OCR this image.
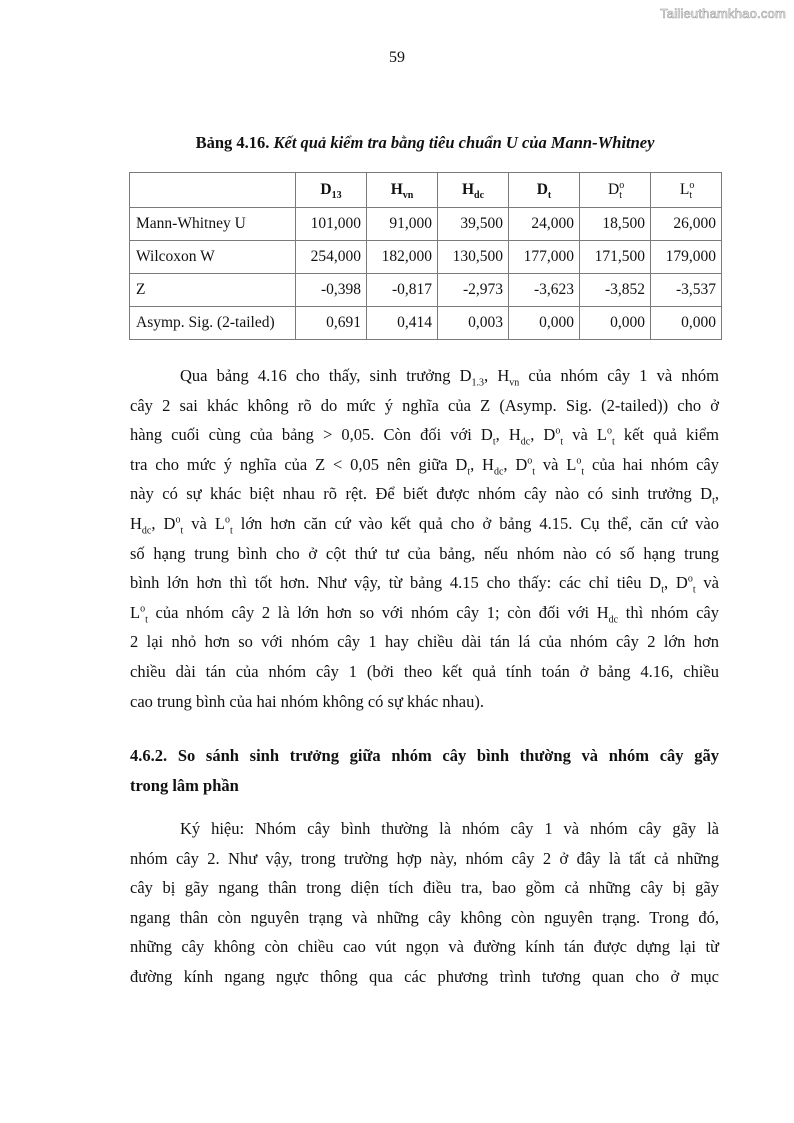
Tailieuthamkhao.com
59
Bảng 4.16. Kết quả kiểm tra bằng tiêu chuẩn U của Mann-Whitney
	$D_{13}$	$H_{vn}$	$H_{dc}$	$D_t$	$D^o_t$	$L^o_t$
Mann-Whitney U	101,000	91,000	39,500	24,000	18,500	26,000
Wilcoxon W	254,000	182,000	130,500	177,000	171,500	179,000
Z	-0,398	-0,817	-2,973	-3,623	-3,852	-3,537
Asymp. Sig. (2-tailed)	0,691	0,414	0,003	0,000	0,000	0,000
Qua bảng 4.16 cho thấy, sinh trưởng $D_{1.3}$, $H_{vn}$ của nhóm cây 1 và nhóm
cây 2 sai khác không rõ do mức ý nghĩa của Z (Asymp. Sig. (2-tailed)) cho ở
hàng cuối cùng của bảng > 0,05. Còn đối với $D_t$, $H_{dc}$, $D^o_t$ và $L^o_t$ kết quả kiểm
tra cho mức ý nghĩa của Z < 0,05 nên giữa $D_t$, $H_{dc}$, $D^o_t$ và $L^o_t$ của hai nhóm cây
này có sự khác biệt nhau rõ rệt. Để biết được nhóm cây nào có sinh trưởng $D_t$,
$H_{dc}$, $D^o_t$ và $L^o_t$ lớn hơn căn cứ vào kết quả cho ở bảng 4.15. Cụ thể, căn cứ vào
số hạng trung bình cho ở cột thứ tư của bảng, nếu nhóm nào có số hạng trung
bình lớn hơn thì tốt hơn. Như vậy, từ bảng 4.15 cho thấy: các chỉ tiêu $D_t$, $D^o_t$ và
$L^o_t$ của nhóm cây 2 là lớn hơn so với nhóm cây 1; còn đối với $H_{dc}$ thì nhóm cây
2 lại nhỏ hơn so với nhóm cây 1 hay chiều dài tán lá của nhóm cây 2 lớn hơn
chiều dài tán của nhóm cây 1 (bởi theo kết quả tính toán ở bảng 4.16, chiều
cao trung bình của hai nhóm không có sự khác nhau).
4.6.2. So sánh sinh trưởng giữa nhóm cây bình thường và nhóm cây gãy
trong lâm phần
Ký hiệu: Nhóm cây bình thường là nhóm cây 1 và nhóm cây gãy là
nhóm cây 2. Như vậy, trong trường hợp này, nhóm cây 2 ở đây là tất cả những
cây bị gãy ngang thân trong diện tích điều tra, bao gồm cả những cây bị gãy
ngang thân còn nguyên trạng và những cây không còn nguyên trạng. Trong đó,
những cây không còn chiều cao vút ngọn và đường kính tán được dựng lại từ
đường kính ngang ngực thông qua các phương trình tương quan cho ở mục
